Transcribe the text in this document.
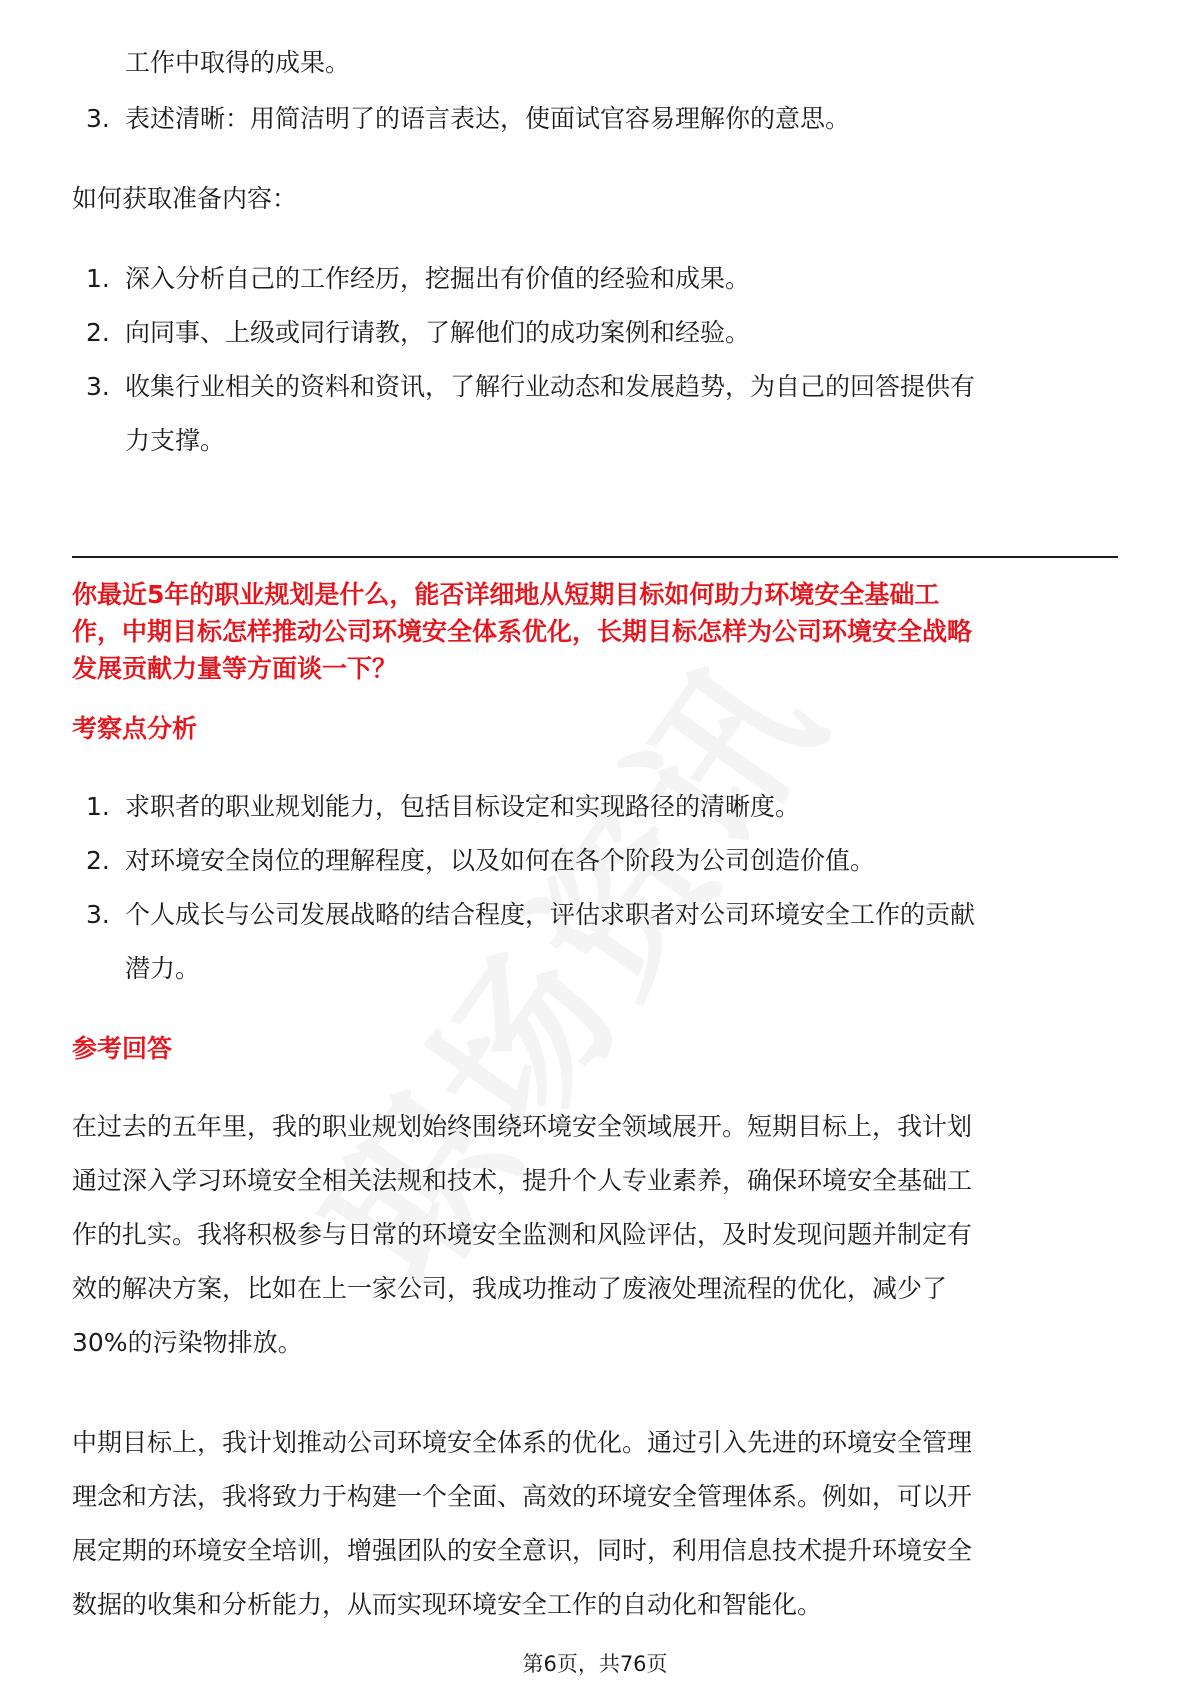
工作中取得的成果。
3. 表述清晰：用简洁明了的语言表达，使面试官容易理解你的意思。
如何获取准备内容：
1. 深入分析自己的工作经历，挖掘出有价值的经验和成果。
2. 向同事、上级或同行请教，了解他们的成功案例和经验。
3. 收集行业相关的资料和资讯，了解行业动态和发展趋势，为自己的回答提供有
力支撑。
你最近5年的职业规划是什么，能否详细地从短期目标如何助力环境安全基础工
作，中期目标怎样推动公司环境安全体系优化，长期目标怎样为公司环境安全战略
发展贡献力量等方面谈一下？
考察点分析
1. 求职者的职业规划能力，包括目标设定和实现路径的清晰度。
2. 对环境安全岗位的理解程度，以及如何在各个阶段为公司创造价值。
3. 个人成长与公司发展战略的结合程度，评估求职者对公司环境安全工作的贡献
潜力。
参考回答
在过去的五年里，我的职业规划始终围绕环境安全领域展开。短期目标上，我计划
通过深入学习环境安全相关法规和技术，提升个人专业素养，确保环境安全基础工
作的扎实。我将积极参与日常的环境安全监测和风险评估，及时发现问题并制定有
效的解决方案，比如在上一家公司，我成功推动了废液处理流程的优化，减少了
30%的污染物排放。
中期目标上，我计划推动公司环境安全体系的优化。通过引入先进的环境安全管理
理念和方法，我将致力于构建一个全面、高效的环境安全管理体系。例如，可以开
展定期的环境安全培训，增强团队的安全意识，同时，利用信息技术提升环境安全
数据的收集和分析能力，从而实现环境安全工作的自动化和智能化。
第6页，共76页
